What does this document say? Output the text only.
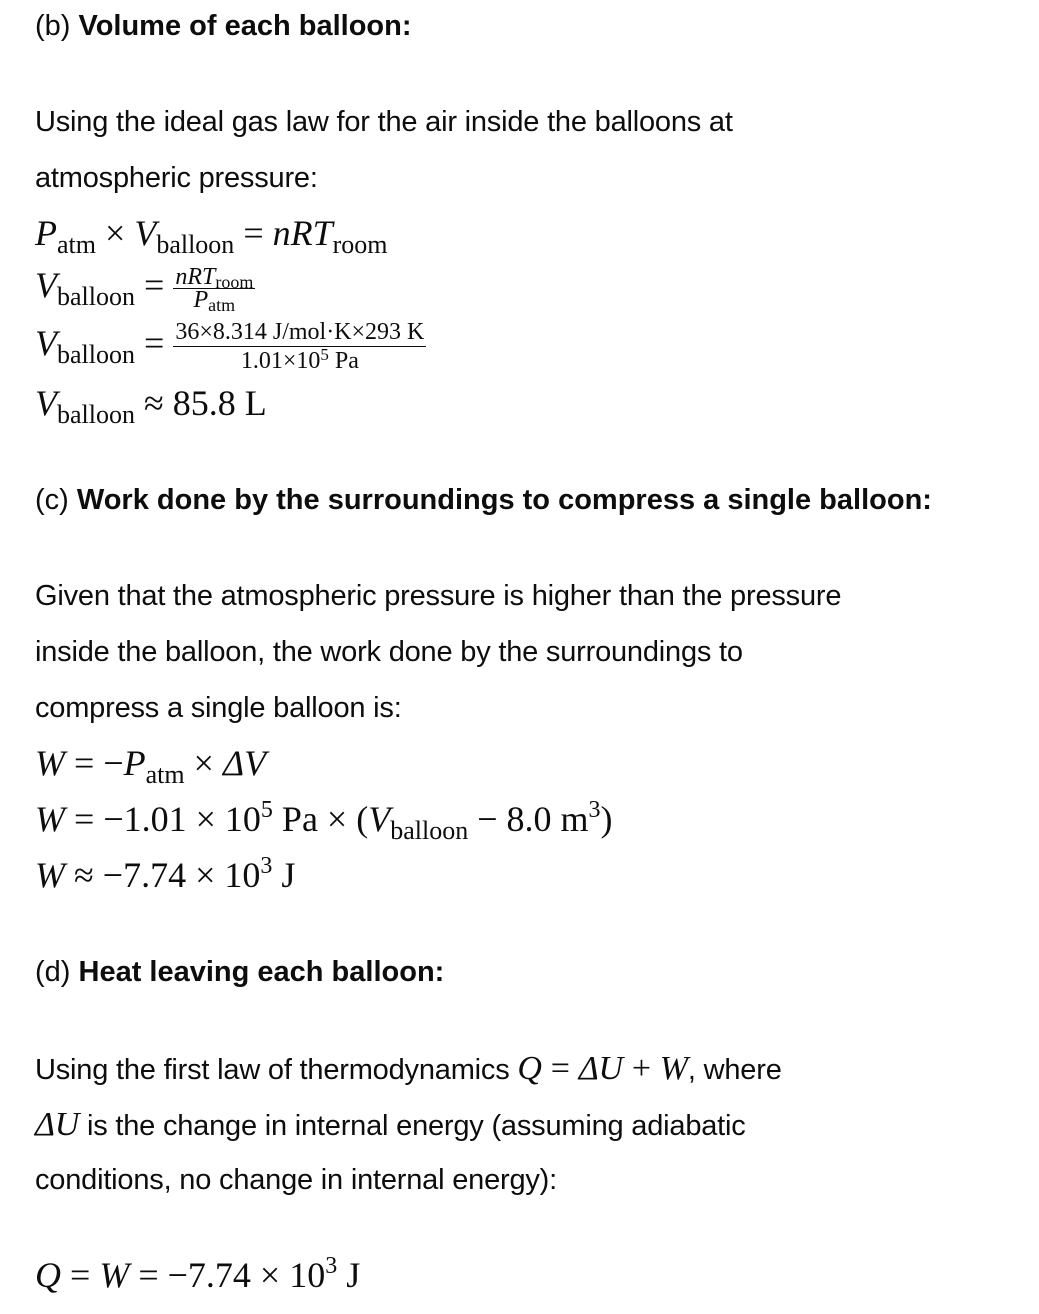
(b) Volume of each balloon:
Using the ideal gas law for the air inside the balloons at
atmospheric pressure:
$P_{atm} \times V_{balloon} = nRT_{room}$
$V_{balloon} = \frac{nRT_{room}}{P_{atm}}$
$V_{balloon} = \frac{\text{36×8.314 J/mol·K×293 K}}{1.01\times 10^5 Pa}$
$V_{balloon} \approx 85.8$ L
(c) Work done by the surroundings to compress a single balloon:
Given that the atmospheric pressure is higher than the pressure
inside the balloon, the work done by the surroundings to
compress a single balloon is:
$W = -P_{atm} \times \Delta V$
$W = -1.01 \times 10^5$ $Pa \times (V_{balloon} - 8.0$ $m^3$)
$W \approx -7.74 \times 10^3$ J
(d) Heat leaving each balloon:
Using the first law of thermodynamics Q = ΔU + W, where
ΔU is the change in internal energy (assuming adiabatic
conditions, no change in internal energy):
$Q = W = -7.74 \times 10^3$ J
